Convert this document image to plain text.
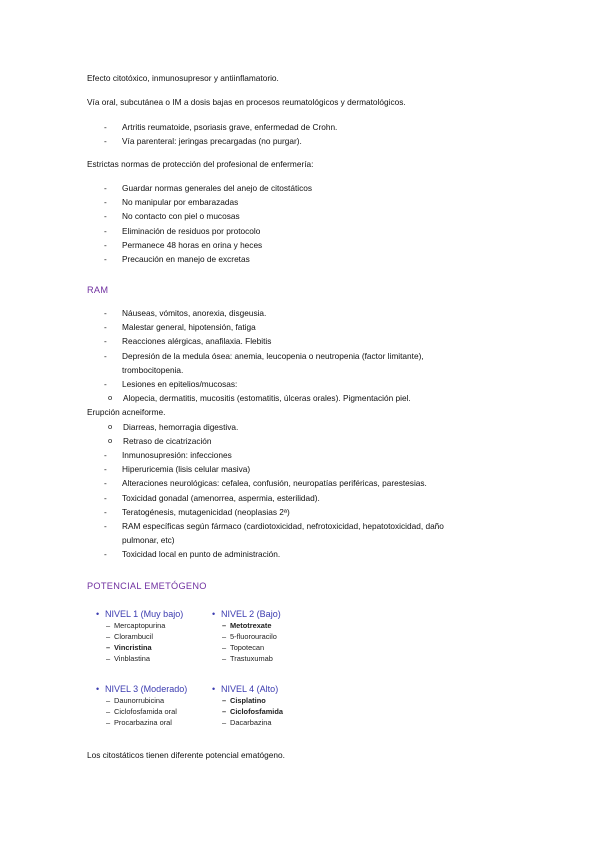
Efecto citotóxico, inmunosupresor y antiinflamatorio.
Vía oral, subcutánea o IM a dosis bajas en procesos reumatológicos y dermatológicos.
- Artritis reumatoide, psoriasis grave, enfermedad de Crohn.
- Vía parenteral: jeringas precargadas (no purgar).
Estrictas normas de protección del profesional de enfermería:
- Guardar normas generales del anejo de citostáticos
- No manipular por embarazadas
- No contacto con piel o mucosas
- Eliminación de residuos por protocolo
- Permanece 48 horas en orina y heces
- Precaución en manejo de excretas
RAM
- Náuseas, vómitos, anorexia, disgeusia.
- Malestar general, hipotensión, fatiga
- Reacciones alérgicas, anafilaxia. Flebitis
- Depresión de la medula ósea: anemia, leucopenia o neutropenia (factor limitante),
trombocitopenia.
- Lesiones en epitelios/mucosas:
o Alopecia, dermatitis, mucositis (estomatitis, úlceras orales). Pigmentación piel.
Erupción acneiforme.
o Diarreas, hemorragia digestiva.
o Retraso de cicatrización
- Inmunosupresión: infecciones
- Hiperuricemia (lisis celular masiva)
- Alteraciones neurológicas: cefalea, confusión, neuropatías periféricas, parestesias.
- Toxicidad gonadal (amenorrea, aspermia, esterilidad).
- Teratogénesis, mutagenicidad (neoplasias 2ª)
- RAM específicas según fármaco (cardiotoxicidad, nefrotoxicidad, hepatotoxicidad, daño
pulmonar, etc)
- Toxicidad local en punto de administración.
POTENCIAL EMETÓGENO
• NIVEL 1 (Muy bajo)
– Mercaptopurina
– Clorambucil
– Vincristina
– Vinblastina
• NIVEL 2 (Bajo)
– Metotrexate
– 5-fluorouracilo
– Topotecan
– Trastuxumab
• NIVEL 3 (Moderado)
– Daunorrubicina
– Ciclofosfamida oral
– Procarbazina oral
• NIVEL 4 (Alto)
– Cisplatino
– Ciclofosfamida
– Dacarbazina
Los citostáticos tienen diferente potencial ematógeno.
